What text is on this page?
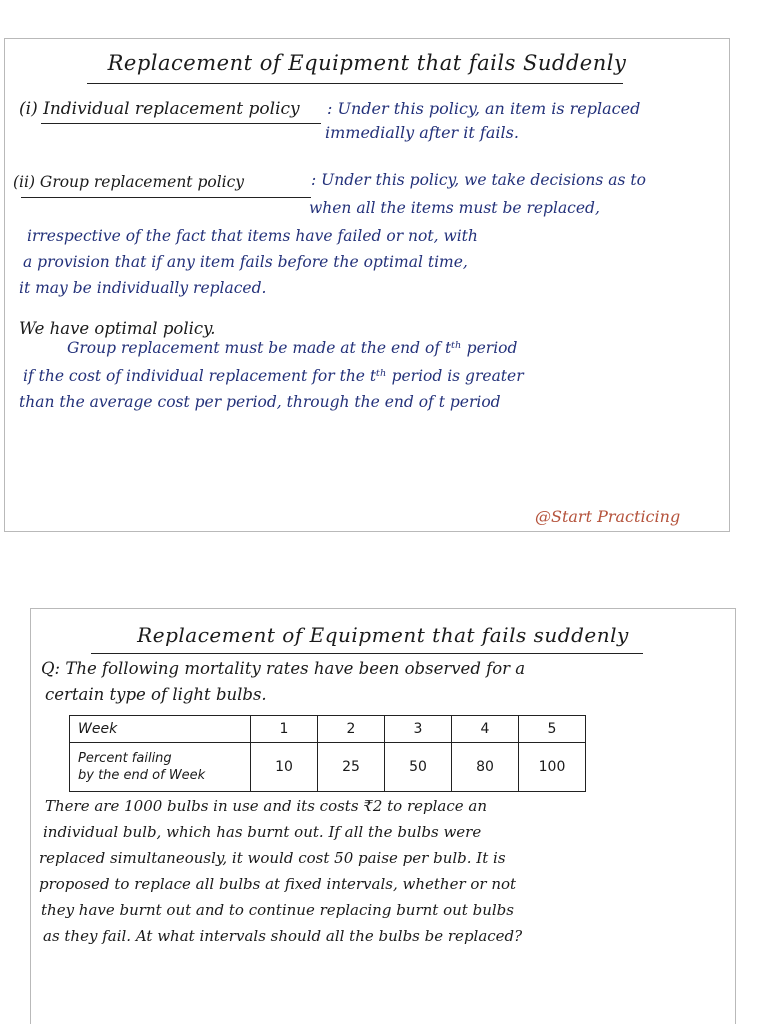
Replacement of Equipment that fails Suddenly
(i) Individual replacement policy : Under this policy, an item is replaced
immedially after it fails.
(ii) Group replacement policy	: Under this policy, we take decisions as to
when all the items must be replaced,
irrespective of the fact that items have failed or not, with
a provision that if any item fails before the optimal time,
it may be individually replaced.
We have optimal policy.
Group replacement must be made at the end of tᵗʰ period
if the cost of individual replacement for the tᵗʰ period is greater
than the average cost per period, through the end of t period
@Start Practicing
Replacement of Equipment that fails suddenly
Q: The following mortality rates have been observed for a
certain type of light bulbs.
Week	1	2	3	4	5

Percent failing
by the end of Week	10	25	50	80	100
There are 1000 bulbs in use and its costs ₹2 to replace an
individual bulb, which has burnt out. If all the bulbs were
replaced simultaneously, it would cost 50 paise per bulb. It is
proposed to replace all bulbs at fixed intervals, whether or not
they have burnt out and to continue replacing burnt out bulbs
as they fail. At what intervals should all the bulbs be replaced?
